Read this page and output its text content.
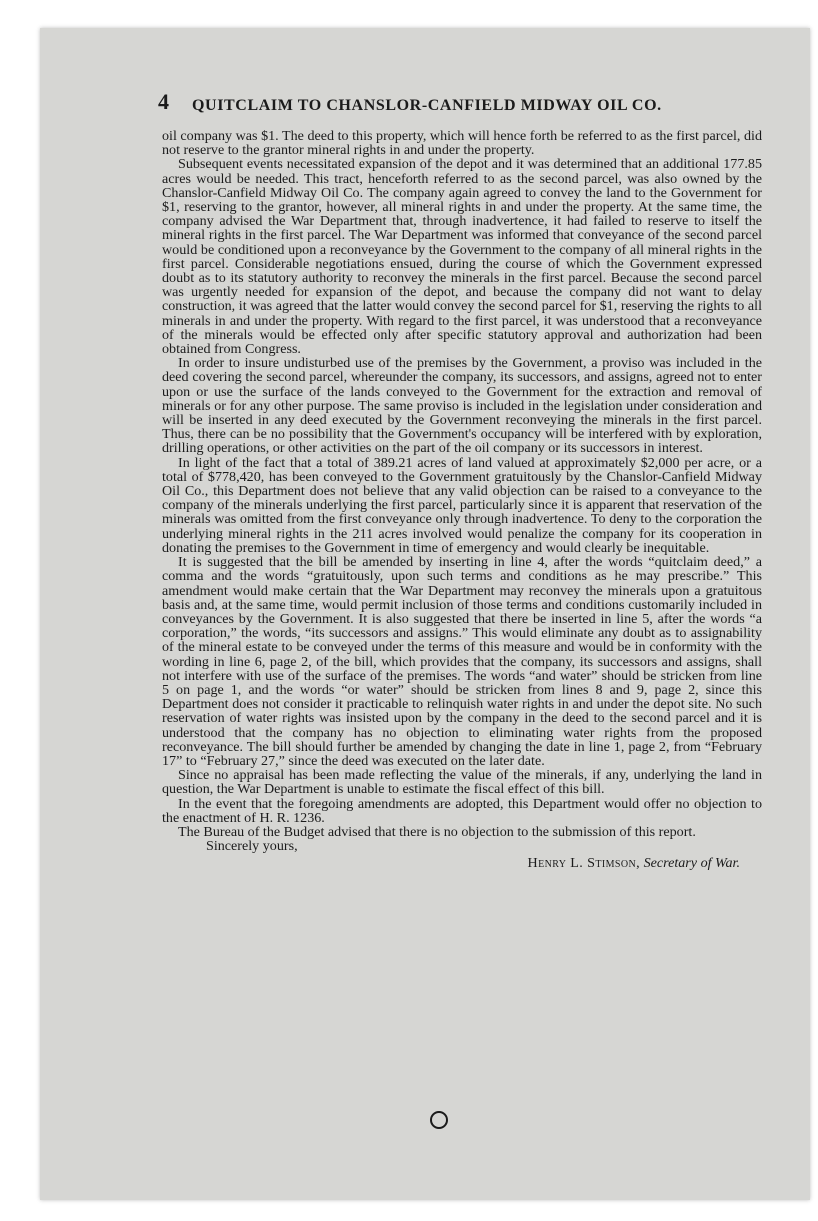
4 QUITCLAIM TO CHANSLOR-CANFIELD MIDWAY OIL CO.

oil company was $1. The deed to this property, which will hence forth be referred to as the first parcel, did not reserve to the grantor mineral rights in and under the property.

Subsequent events necessitated expansion of the depot and it was determined that an additional 177.85 acres would be needed. This tract, henceforth referred to as the second parcel, was also owned by the Chanslor-Canfield Midway Oil Co. The company again agreed to convey the land to the Government for $1, reserving to the grantor, however, all mineral rights in and under the property. At the same time, the company advised the War Department that, through inadvertence, it had failed to reserve to itself the mineral rights in the first parcel. The War Department was informed that conveyance of the second parcel would be conditioned upon a reconveyance by the Government to the company of all mineral rights in the first parcel. Considerable negotiations ensued, during the course of which the Government expressed doubt as to its statutory authority to reconvey the minerals in the first parcel. Because the second parcel was urgently needed for expansion of the depot, and because the company did not want to delay construction, it was agreed that the latter would convey the second parcel for $1, reserving the rights to all minerals in and under the property. With regard to the first parcel, it was understood that a reconveyance of the minerals would be effected only after specific statutory approval and authorization had been obtained from Congress.

In order to insure undisturbed use of the premises by the Government, a proviso was included in the deed covering the second parcel, whereunder the company, its successors, and assigns, agreed not to enter upon or use the surface of the lands conveyed to the Government for the extraction and removal of minerals or for any other purpose. The same proviso is included in the legislation under consideration and will be inserted in any deed executed by the Government reconveying the minerals in the first parcel. Thus, there can be no possibility that the Government's occupancy will be interfered with by exploration, drilling operations, or other activities on the part of the oil company or its successors in interest.

In light of the fact that a total of 389.21 acres of land valued at approximately $2,000 per acre, or a total of $778,420, has been conveyed to the Government gratuitously by the Chanslor-Canfield Midway Oil Co., this Department does not believe that any valid objection can be raised to a conveyance to the company of the minerals underlying the first parcel, particularly since it is apparent that reservation of the minerals was omitted from the first conveyance only through inadvertence. To deny to the corporation the underlying mineral rights in the 211 acres involved would penalize the company for its cooperation in donating the premises to the Government in time of emergency and would clearly be inequitable.

It is suggested that the bill be amended by inserting in line 4, after the words “quitclaim deed,” a comma and the words “gratuitously, upon such terms and conditions as he may prescribe.” This amendment would make certain that the War Department may reconvey the minerals upon a gratuitous basis and, at the same time, would permit inclusion of those terms and conditions customarily included in conveyances by the Government. It is also suggested that there be inserted in line 5, after the words “a corporation,” the words, “its successors and assigns.” This would eliminate any doubt as to assignability of the mineral estate to be conveyed under the terms of this measure and would be in conformity with the wording in line 6, page 2, of the bill, which provides that the company, its successors and assigns, shall not interfere with use of the surface of the premises. The words “and water” should be stricken from line 5 on page 1, and the words “or water” should be stricken from lines 8 and 9, page 2, since this Department does not consider it practicable to relinquish water rights in and under the depot site. No such reservation of water rights was insisted upon by the company in the deed to the second parcel and it is understood that the company has no objection to eliminating water rights from the proposed reconveyance. The bill should further be amended by changing the date in line 1, page 2, from “February 17” to “February 27,” since the deed was executed on the later date.

Since no appraisal has been made reflecting the value of the minerals, if any, underlying the land in question, the War Department is unable to estimate the fiscal effect of this bill.

In the event that the foregoing amendments are adopted, this Department would offer no objection to the enactment of H. R. 1236.

The Bureau of the Budget advised that there is no objection to the submission of this report.

Sincerely yours,

Henry L. Stimson, Secretary of War.
